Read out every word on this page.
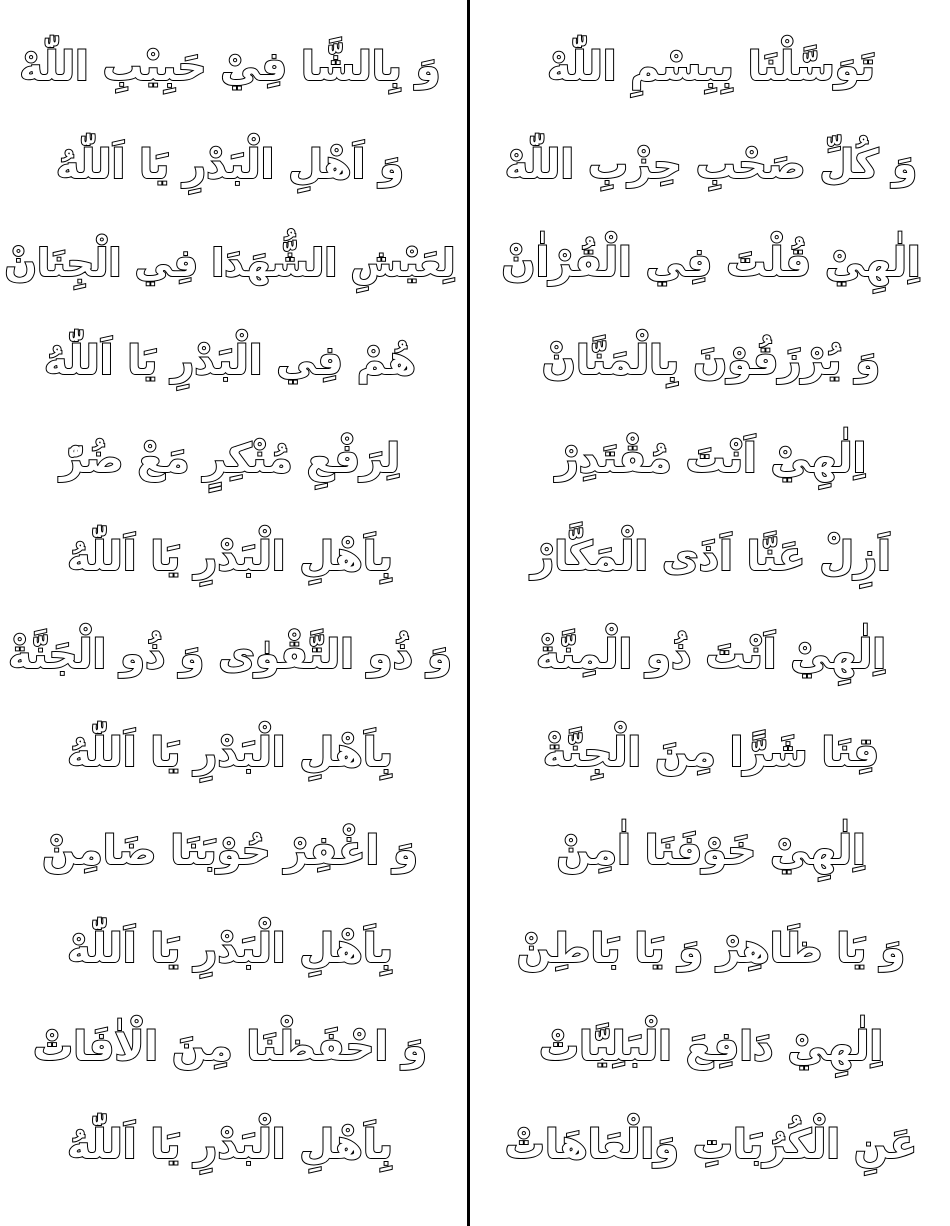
وَ بِالشَّا فِيْ حَبِيْبِ اللّٰهْ
وَ اَهْلِ الْبَدْرِ يَا اَللّٰهُ
لِعَيْشِ الشُّهَدَا فِي الْجِنَانْ
هُمْ فِي الْبَدْرِ يَا اَللّٰهُ
لِرَفْعِ مُنْكِرٍ مَعْ ضُرّْ
بِاَهْلِ الْبَدْرِ يَا اَللّٰهُ
وَ ذُو التَّقْوٰى وَ ذُو الْجَنَّةْ
بِاَهْلِ الْبَدْرِ يَا اَللّٰهُ
وَ اغْفِرْ حُوْبَنَا ضَامِنْ
بِاَهْلِ الْبَدْرِ يَا اَللّٰهْ
وَ احْفَظْنَا مِنَ الْاٰفَاتْ
بِاَهْلِ الْبَدْرِ يَا اَللّٰهُ
تَوَسَّلْنَا بِبِسْمِ اللّٰهْ
وَ كُلِّ صَحْبِ حِزْبِ اللّٰهْ
اِلٰهِيْ قُلْتَ فِي الْقُرْاٰنْ
وَ يُرْزَقُوْنَ بِالْمَنَّانْ
اِلٰهِيْ اَنْتَ مُقْتَدِرْ
اَزِلْ عَنَّا اَذَى الْمَكَّارْ
اِلٰهِيْ اَنْتَ ذُو الْمِنَّةْ
قِنَا شَرًّا مِنَ الْجِنَّةْ
اِلٰهِيْ خَوْفَنَا اٰمِنْ
وَ يَا ظَاهِرْ وَ يَا بَاطِنْ
اِلٰهِيْ دَافِعَ الْبَلِيَّاتْ
عَنِ الْكُرُبَاتِ وَالْعَاهَاتْ
